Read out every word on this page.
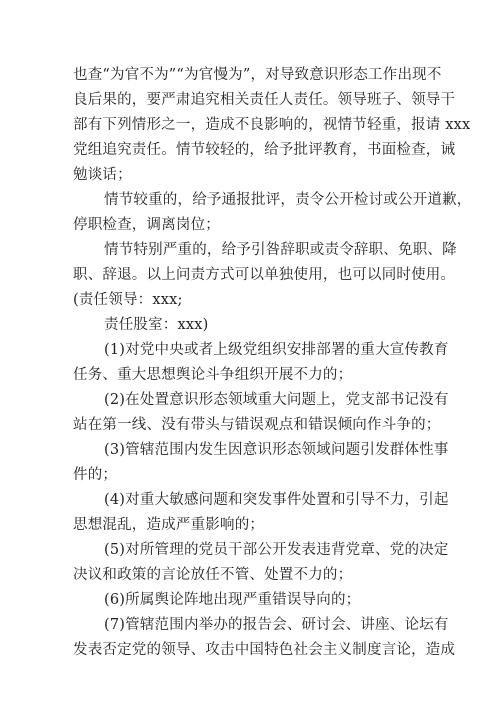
也查“为官不为”“为官慢为”，对导致意识形态工作出现不
良后果的，要严肃追究相关责任人责任。领导班子、领导干
部有下列情形之一，造成不良影响的，视情节轻重，报请 xxx
党组追究责任。情节较轻的，给予批评教育，书面检查，诫
勉谈话；
情节较重的，给予通报批评，责令公开检讨或公开道歉，
停职检查，调离岗位；
情节特别严重的，给予引咎辞职或责令辞职、免职、降
职、辞退。以上问责方式可以单独使用，也可以同时使用。
(责任领导：xxx;
责任股室：xxx)
(1)对党中央或者上级党组织安排部署的重大宣传教育
任务、重大思想舆论斗争组织开展不力的；
(2)在处置意识形态领域重大问题上，党支部书记没有
站在第一线、没有带头与错误观点和错误倾向作斗争的；
(3)管辖范围内发生因意识形态领域问题引发群体性事
件的；
(4)对重大敏感问题和突发事件处置和引导不力，引起
思想混乱，造成严重影响的；
(5)对所管理的党员干部公开发表违背党章、党的决定
决议和政策的言论放任不管、处置不力的；
(6)所属舆论阵地出现严重错误导向的；
(7)管辖范围内举办的报告会、研讨会、讲座、论坛有
发表否定党的领导、攻击中国特色社会主义制度言论，造成
